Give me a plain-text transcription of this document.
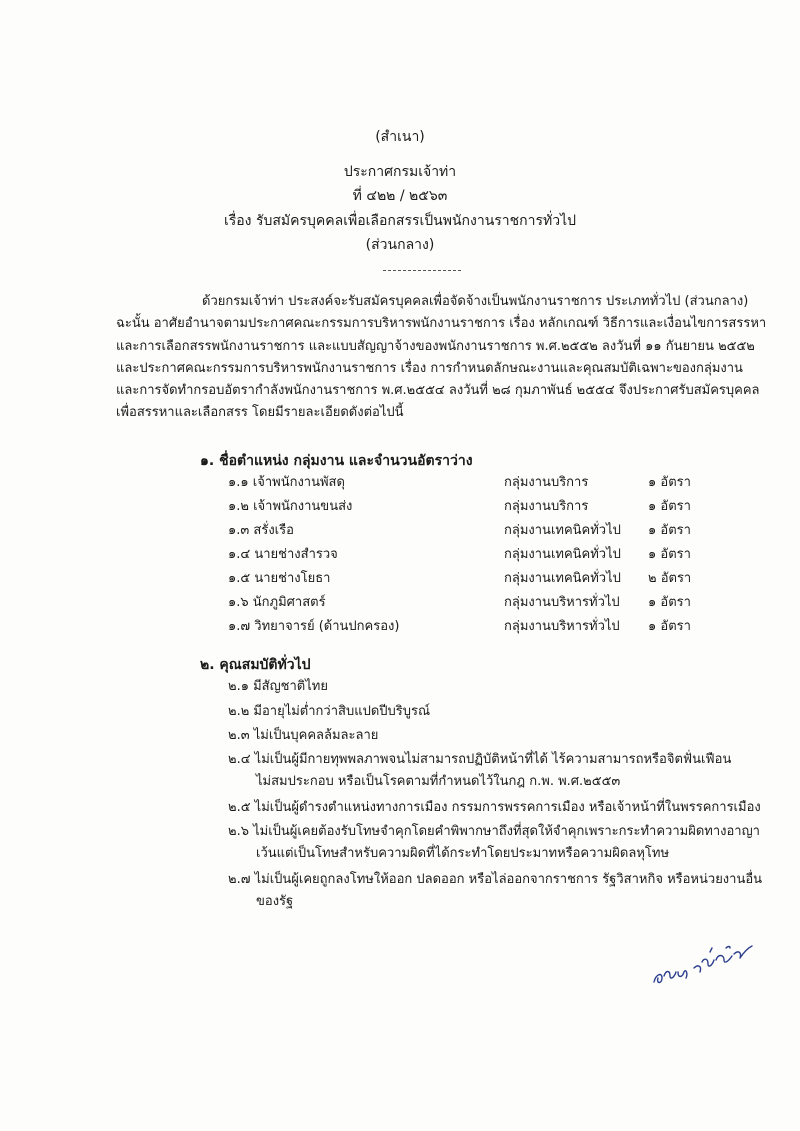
(สำเนา)
ประกาศกรมเจ้าท่า
ที่ ๔๒๒ / ๒๕๖๓
เรื่อง รับสมัครบุคคลเพื่อเลือกสรรเป็นพนักงานราชการทั่วไป
(ส่วนกลาง)
ด้วยกรมเจ้าท่า ประสงค์จะรับสมัครบุคคลเพื่อจัดจ้างเป็นพนักงานราชการ ประเภททั่วไป (ส่วนกลาง)
ฉะนั้น อาศัยอำนาจตามประกาศคณะกรรมการบริหารพนักงานราชการ เรื่อง หลักเกณฑ์ วิธีการและเงื่อนไขการสรรหา
และการเลือกสรรพนักงานราชการ และแบบสัญญาจ้างของพนักงานราชการ พ.ศ.๒๕๕๒ ลงวันที่ ๑๑ กันยายน ๒๕๕๒
และประกาศคณะกรรมการบริหารพนักงานราชการ เรื่อง การกำหนดลักษณะงานและคุณสมบัติเฉพาะของกลุ่มงาน
และการจัดทำกรอบอัตรากำลังพนักงานราชการ พ.ศ.๒๕๕๔ ลงวันที่ ๒๘ กุมภาพันธ์ ๒๕๕๔ จึงประกาศรับสมัครบุคคล
เพื่อสรรหาและเลือกสรร โดยมีรายละเอียดดังต่อไปนี้
๑. ชื่อตำแหน่ง กลุ่มงาน และจำนวนอัตราว่าง
๑.๑ เจ้าพนักงานพัสดุ	กลุ่มงานบริการ	๑ อัตรา
๑.๒ เจ้าพนักงานขนส่ง	กลุ่มงานบริการ	๑ อัตรา
๑.๓ สรั่งเรือ	กลุ่มงานเทคนิคทั่วไป ๑ อัตรา
๑.๔ นายช่างสำรวจ	กลุ่มงานเทคนิคทั่วไป ๑ อัตรา
๑.๕ นายช่างโยธา	กลุ่มงานเทคนิคทั่วไป ๒ อัตรา
๑.๖ นักภูมิศาสตร์	กลุ่มงานบริหารทั่วไป ๑ อัตรา
๑.๗ วิทยาจารย์ (ด้านปกครอง)	กลุ่มงานบริหารทั่วไป ๑ อัตรา
๒. คุณสมบัติทั่วไป
๒.๑ มีสัญชาติไทย
๒.๒ มีอายุไม่ต่ำกว่าสิบแปดปีบริบูรณ์
๒.๓ ไม่เป็นบุคคลล้มละลาย
๒.๔ ไม่เป็นผู้มีกายทุพพลภาพจนไม่สามารถปฏิบัติหน้าที่ได้ ไร้ความสามารถหรือจิตฟั่นเฟือน
ไม่สมประกอบ หรือเป็นโรคตามที่กำหนดไว้ในกฎ ก.พ. พ.ศ.๒๕๕๓
๒.๕ ไม่เป็นผู้ดำรงตำแหน่งทางการเมือง กรรมการพรรคการเมือง หรือเจ้าหน้าที่ในพรรคการเมือง
๒.๖ ไม่เป็นผู้เคยต้องรับโทษจำคุกโดยคำพิพากษาถึงที่สุดให้จำคุกเพราะกระทำความผิดทางอาญา
เว้นแต่เป็นโทษสำหรับความผิดที่ได้กระทำโดยประมาทหรือความผิดลหุโทษ
๒.๗ ไม่เป็นผู้เคยถูกลงโทษให้ออก ปลดออก หรือไล่ออกจากราชการ รัฐวิสาหกิจ หรือหน่วยงานอื่น
ของรัฐ
